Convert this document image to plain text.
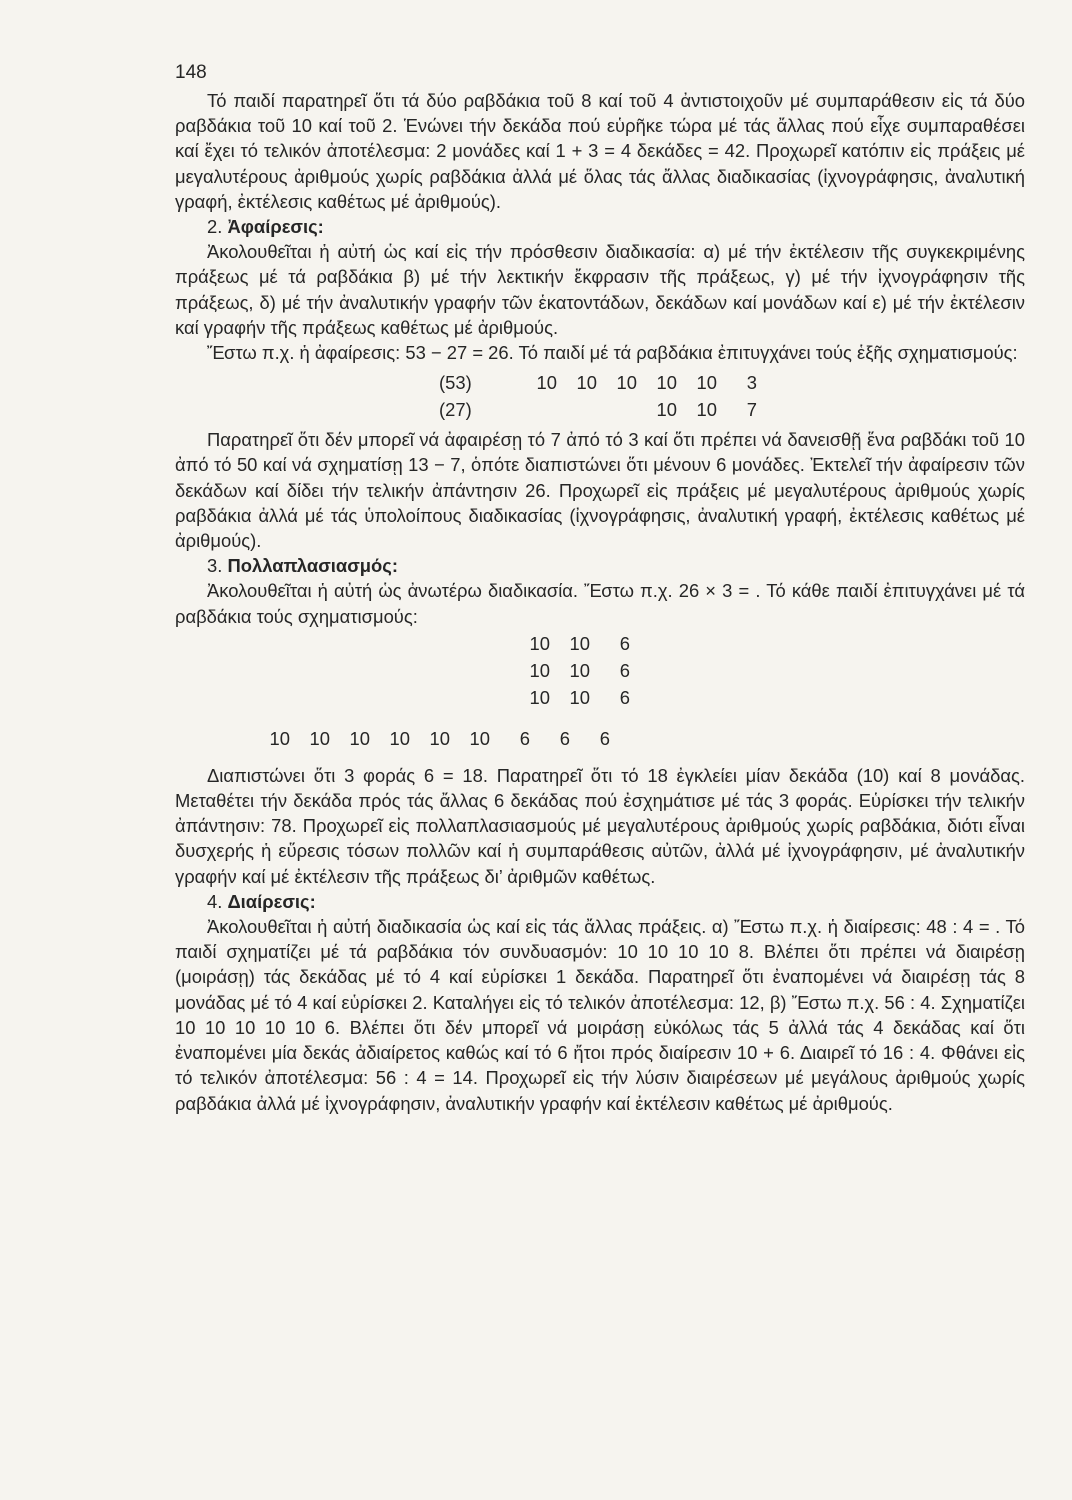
148

Τό παιδί παρατηρεῖ ὅτι τά δύο ραβδάκια τοῦ 8 καί τοῦ 4 ἀντιστοιχοῦν μέ συμπαράθεσιν εἰς τά δύο ραβδάκια τοῦ 10 καί τοῦ 2. Ἑνώνει τήν δεκάδα πού εὑρῆκε τώρα μέ τάς ἄλλας πού εἶχε συμπαραθέσει καί ἔχει τό τελικόν ἀποτέλεσμα: 2 μονάδες καί 1 + 3 = 4 δεκάδες = 42. Προχωρεῖ κατόπιν εἰς πράξεις μέ μεγαλυτέρους ἀριθμούς χωρίς ραβδάκια ἀλλά μέ ὅλας τάς ἄλλας διαδικασίας (ἰχνογράφησις, ἀναλυτική γραφή, ἐκτέλεσις καθέτως μέ ἀριθμούς).

2. Ἀφαίρεσις:

Ἀκολουθεῖται ἡ αὐτή ὡς καί εἰς τήν πρόσθεσιν διαδικασία: α) μέ τήν ἐκτέλεσιν τῆς συγκεκριμένης πράξεως μέ τά ραβδάκια β) μέ τήν λεκτικήν ἔκφρασιν τῆς πράξεως, γ) μέ τήν ἰχνογράφησιν τῆς πράξεως, δ) μέ τήν ἀναλυτικήν γραφήν τῶν ἑκατοντάδων, δεκάδων καί μονάδων καί ε) μέ τήν ἐκτέλεσιν καί γραφήν τῆς πράξεως καθέτως μέ ἀριθμούς.

Ἔστω π.χ. ἡ ἀφαίρεσις: 53 − 27 = 26. Τό παιδί μέ τά ραβδάκια ἐπιτυγχάνει τούς ἑξῆς σχηματισμούς:

(53)	10	10	10	10	10	3
(27)				10	10	7

Παρατηρεῖ ὅτι δέν μπορεῖ νά ἀφαιρέσῃ τό 7 ἀπό τό 3 καί ὅτι πρέπει νά δανεισθῇ ἕνα ραβδάκι τοῦ 10 ἀπό τό 50 καί νά σχηματίσῃ 13 − 7, ὁπότε διαπιστώνει ὅτι μένουν 6 μονάδες. Ἐκτελεῖ τήν ἀφαίρεσιν τῶν δεκάδων καί δίδει τήν τελικήν ἀπάντησιν 26. Προχωρεῖ εἰς πράξεις μέ μεγαλυτέρους ἀριθμούς χωρίς ραβδάκια ἀλλά μέ τάς ὑπολοίπους διαδικασίας (ἰχνογράφησις, ἀναλυτική γραφή, ἐκτέλεσις καθέτως μέ ἀριθμούς).

3. Πολλαπλασιασμός:

Ἀκολουθεῖται ἡ αὐτή ὡς ἀνωτέρω διαδικασία. Ἔστω π.χ. 26 × 3 = . Τό κάθε παιδί ἐπιτυγχάνει μέ τά ραβδάκια τούς σχηματισμούς:

10	10	6
10	10	6
10	10	6
10	10	10	10	10	10	6	6	6

Διαπιστώνει ὅτι 3 φοράς 6 = 18. Παρατηρεῖ ὅτι τό 18 ἐγκλείει μίαν δεκάδα (10) καί 8 μονάδας. Μεταθέτει τήν δεκάδα πρός τάς ἄλλας 6 δεκάδας πού ἐσχημάτισε μέ τάς 3 φοράς. Εὑρίσκει τήν τελικήν ἀπάντησιν: 78. Προχωρεῖ εἰς πολλαπλασιασμούς μέ μεγαλυτέρους ἀριθμούς χωρίς ραβδάκια, διότι εἶναι δυσχερής ἡ εὕρεσις τόσων πολλῶν καί ἡ συμπαράθεσις αὐτῶν, ἀλλά μέ ἰχνογράφησιν, μέ ἀναλυτικήν γραφήν καί μέ ἐκτέλεσιν τῆς πράξεως δι’ ἀριθμῶν καθέτως.

4. Διαίρεσις:

Ἀκολουθεῖται ἡ αὐτή διαδικασία ὡς καί εἰς τάς ἄλλας πράξεις. α) Ἔστω π.χ. ἡ διαίρεσις: 48 : 4 = . Τό παιδί σχηματίζει μέ τά ραβδάκια τόν συνδυασμόν: 10 10 10 10 8. Βλέπει ὅτι πρέπει νά διαιρέσῃ (μοιράσῃ) τάς δεκάδας μέ τό 4 καί εὑρίσκει 1 δεκάδα. Παρατηρεῖ ὅτι ἐναπομένει νά διαιρέσῃ τάς 8 μονάδας μέ τό 4 καί εὑρίσκει 2. Καταλήγει εἰς τό τελικόν ἀποτέλεσμα: 12, β) Ἔστω π.χ. 56 : 4. Σχηματίζει 10 10 10 10 10 6. Βλέπει ὅτι δέν μπορεῖ νά μοιράσῃ εὐκόλως τάς 5 ἀλλά τάς 4 δεκάδας καί ὅτι ἐναπομένει μία δεκάς ἀδιαίρετος καθώς καί τό 6 ἤτοι πρός διαίρεσιν 10 + 6. Διαιρεῖ τό 16 : 4. Φθάνει εἰς τό τελικόν ἀποτέλεσμα: 56 : 4 = 14. Προχωρεῖ εἰς τήν λύσιν διαιρέσεων μέ μεγάλους ἀριθμούς χωρίς ραβδάκια ἀλλά μέ ἰχνογράφησιν, ἀναλυτικήν γραφήν καί ἐκτέλεσιν καθέτως μέ ἀριθμούς.
